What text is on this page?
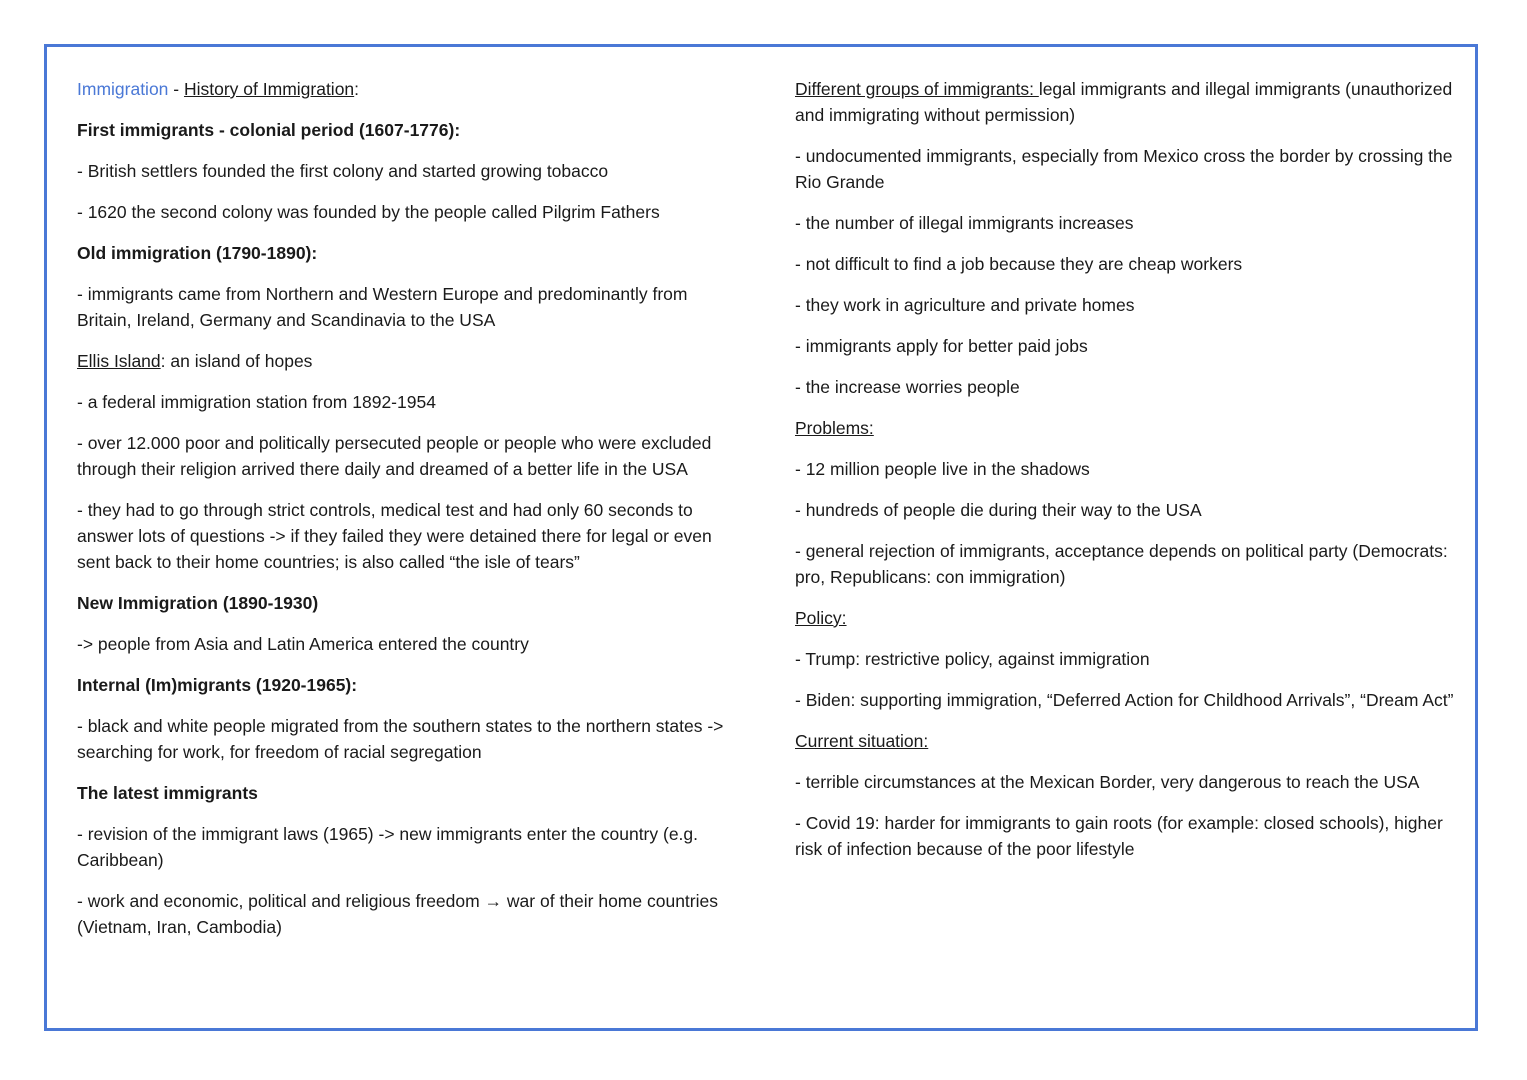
Immigration - History of Immigration:

First immigrants - colonial period (1607-1776):

- British settlers founded the first colony and started growing tobacco

- 1620 the second colony was founded by the people called Pilgrim Fathers

Old immigration (1790-1890):

- immigrants came from Northern and Western Europe and predominantly from Britain, Ireland, Germany and Scandinavia to the USA

Ellis Island: an island of hopes

- a federal immigration station from 1892-1954

- over 12.000 poor and politically persecuted people or people who were excluded through their religion arrived there daily and dreamed of a better life in the USA

- they had to go through strict controls, medical test and had only 60 seconds to answer lots of questions -> if they failed they were detained there for legal or even sent back to their home countries; is also called “the isle of tears”

New Immigration (1890-1930)

-> people from Asia and Latin America entered the country

Internal (Im)migrants (1920-1965):

- black and white people migrated from the southern states to the northern states -> searching for work, for freedom of racial segregation

The latest immigrants

- revision of the immigrant laws (1965) -> new immigrants enter the country (e.g. Caribbean)

- work and economic, political and religious freedom → war of their home countries (Vietnam, Iran, Cambodia)

Different groups of immigrants: legal immigrants and illegal immigrants (unauthorized and immigrating without permission)

- undocumented immigrants, especially from Mexico cross the border by crossing the Rio Grande

- the number of illegal immigrants increases

- not difficult to find a job because they are cheap workers

- they work in agriculture and private homes

- immigrants apply for better paid jobs

- the increase worries people

Problems:

- 12 million people live in the shadows

- hundreds of people die during their way to the USA

- general rejection of immigrants, acceptance depends on political party (Democrats: pro, Republicans: con immigration)

Policy:

- Trump: restrictive policy, against immigration

- Biden: supporting immigration, “Deferred Action for Childhood Arrivals”, “Dream Act”

Current situation:

- terrible circumstances at the Mexican Border, very dangerous to reach the USA

- Covid 19: harder for immigrants to gain roots (for example: closed schools), higher risk of infection because of the poor lifestyle
